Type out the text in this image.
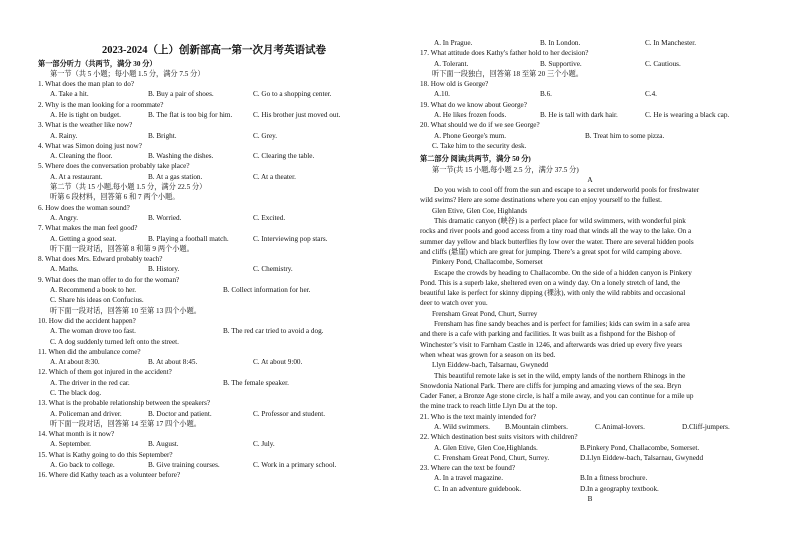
2023-2024（上）创新部高一第一次月考英语试卷
第一部分听力（共两节，满分 30 分）
第一节（共 5 小题；每小题 1.5 分，满分 7.5 分）
1. What does the man plan to do?
A. Take a hit.	B. Buy a pair of shoes.	C. Go to a shopping center.
2. Why is the man looking for a roommate?
A. He is tight on budget.	B. The flat is too big for him.	C. His brother just moved out.
3. What is the weather like now?
A. Rainy.	B. Bright.	C. Grey.
4. What was Simon doing just now?
A. Cleaning the floor.	B. Washing the dishes.	C. Clearing the table.
5. Where does the conversation probably take place?
A. At a restaurant.	B. At a gas station.	C. At a theater.
第二节（共 15 小题,每小题 1.5 分，满分 22.5 分）
听第 6 段材料，回答第 6 和 7 两个小题。
6. How does the woman sound?
A. Angry.	B. Worried.	C. Excited.
7. What makes the man feel good?
A. Getting a good seat.	B. Playing a football match.	C. Interviewing pop stars.
听下面一段对话，回答第 8 和第 9 两个小题。
8. What does Mrs. Edward probably teach?
A. Maths.	B. History.	C. Chemistry.
9. What does the man offer to do for the woman?
A. Recommend a book to her.	B. Collect information for her.
C. Share his ideas on Confucius.
听下面一段对话，回答第 10 至第 13 四个小题。
10. How did the accident happen?
A. The woman drove too fast.	B. The red car tried to avoid a dog.
C. A dog suddenly turned left onto the street.
11. When did the ambulance come?
A. At about 8:30.	B. At about 8:45.	C. At about 9:00.
12. Which of them got injured in the accident?
A. The driver in the red car.	B. The female speaker.
C. The black dog.
13. What is the probable relationship between the speakers?
A. Policeman and driver.	B. Doctor and patient.	C. Professor and student.
听下面一段对话，回答第 14 至第 17 四个小题。
14. What month is it now?
A. September.	B. August.	C. July.
15. What is Kathy going to do this September?
A. Go back to college.	B. Give training courses.	C. Work in a primary school.
16. Where did Kathy teach as a volunteer before?
A. In Prague.	B. In London.	C. In Manchester.
17. What attitude does Kathy's father hold to her decision?
A. Tolerant.	B. Supportive.	C. Cautious.
听下面一段独白，回答第 18 至第 20 三个小题。
18. How old is George?
A.10.	B.6.	C.4.
19. What do we know about George?
A. He likes frozen foods.	B. He is tall with dark hair.	C. He is wearing a black cap.
20. What should we do if we see George?
A. Phone George's mum.	B. Treat him to some pizza.
C. Take him to the security desk.
第二部分 阅读(共两节，满分 50 分)
第一节(共 15 小题,每小题 2.5 分，满分 37.5 分)
A
Do you wish to cool off from the sun and escape to a secret underworld pools for freshwater
wild swims? Here are some destinations where you can enjoy yourself to the fullest.
Glen Etive, Glen Coe, Highlands
This dramatic canyon (峡谷) is a perfect place for wild swimmers, with wonderful pink
rocks and river pools and good access from a tiny road that winds all the way to the lake. On a
summer day yellow and black butterflies fly low over the water. There are several hidden pools
and cliffs (悬崖) which are great for jumping. There’s a great spot for wild camping above.
Pinkery Pond, Challacombe, Somerset
Escape the crowds by heading to Challacombe. On the side of a hidden canyon is Pinkery
Pond. This is a superb lake, sheltered even on a windy day. On a lonely stretch of land, the
beautiful lake is perfect for skinny dipping (裸泳), with only the wild rabbits and occasional
deer to watch over you.
Frensham Great Pond, Churt, Surrey
Frensham has fine sandy beaches and is perfect for families; kids can swim in a safe area
and there is a cafe with parking and facilities. It was built as a fishpond for the Bishop of
Winchester’s visit to Farnham Castle in 1246, and afterwards was dried up every five years
when wheat was grown for a season on its bed.
Llyn Eiddew-bach, Talsarnau, Gwynedd
This beautiful remote lake is set in the wild, empty lands of the northern Rhinogs in the
Snowdonia National Park. There are cliffs for jumping and amazing views of the sea. Bryn
Cader Faner, a Bronze Age stone circle, is half a mile away, and you can continue for a mile up
the mine track to reach little Llyn Du at the top.
21. Who is the text mainly intended for?
A. Wild swimmers. B.Mountain climbers.	C.Animal-lovers.	D.Cliff-jumpers.
22. Which destination best suits visitors with children?
A. Glen Etive, Glen Coe,Highlands.	B.Pinkery Pond, Challacombe, Somerset.
C. Frensham Great Pond, Churt, Surrey.	D.Llyn Eiddew-bach, Talsarnau, Gwynedd
23. Where can the text be found?
A. In a travel magazine.	B.In a fitness brochure.
C. In an adventure guidebook.	D.In a geography textbook.
B
